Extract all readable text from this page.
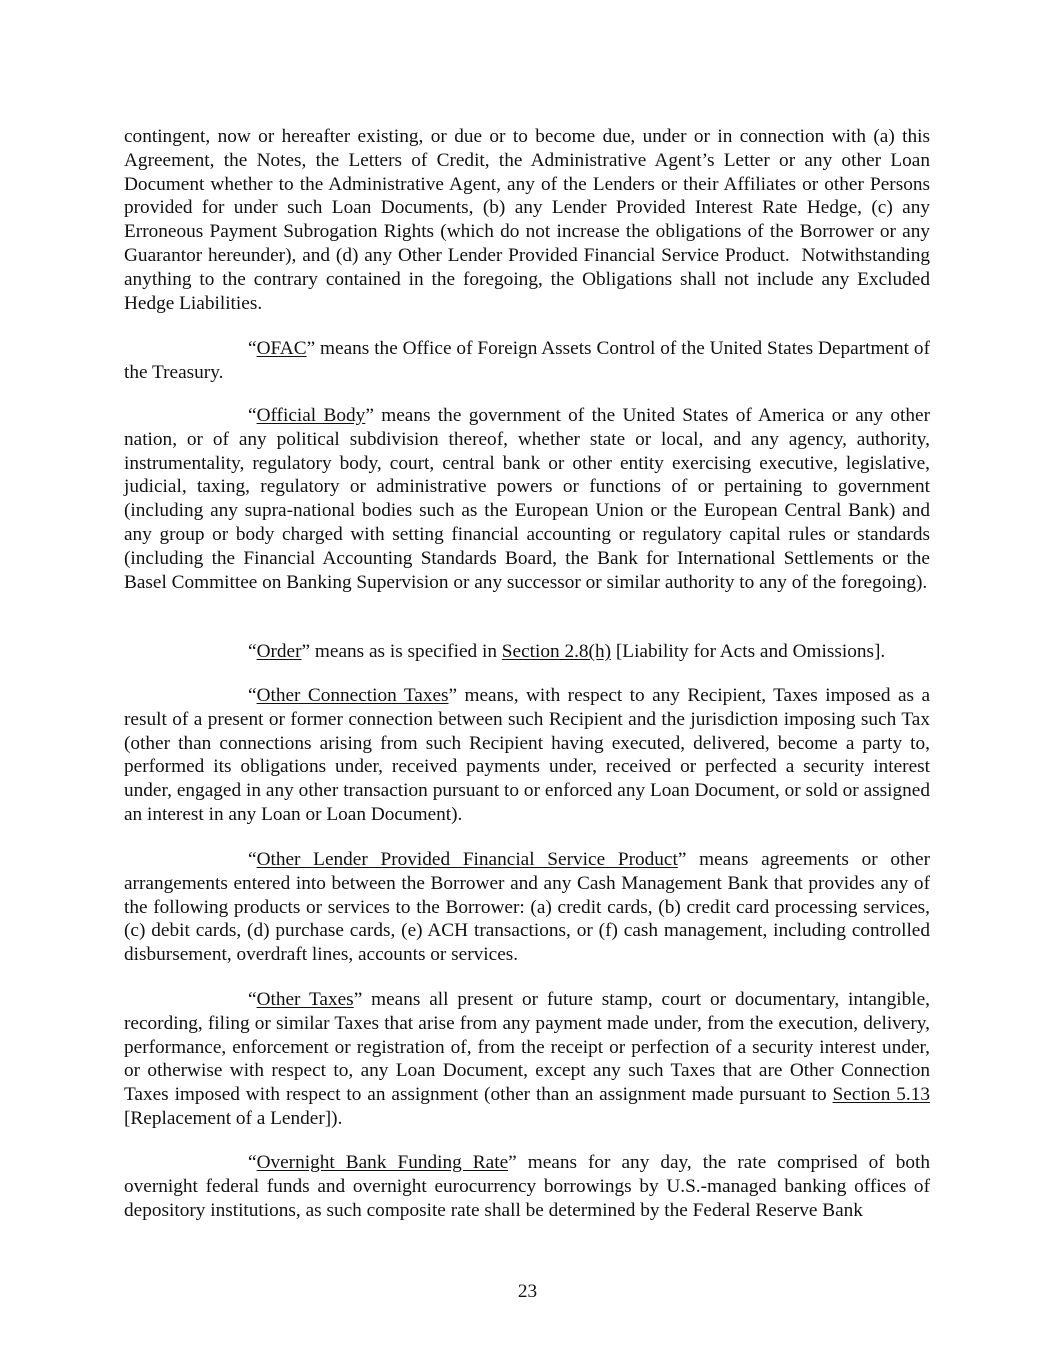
contingent, now or hereafter existing, or due or to become due, under or in connection with (a) this Agreement, the Notes, the Letters of Credit, the Administrative Agent’s Letter or any other Loan Document whether to the Administrative Agent, any of the Lenders or their Affiliates or other Persons provided for under such Loan Documents, (b) any Lender Provided Interest Rate Hedge, (c) any Erroneous Payment Subrogation Rights (which do not increase the obligations of the Borrower or any Guarantor hereunder), and (d) any Other Lender Provided Financial Service Product.  Notwithstanding anything to the contrary contained in the foregoing, the Obligations shall not include any Excluded Hedge Liabilities.

“OFAC” means the Office of Foreign Assets Control of the United States Department of the Treasury.

“Official Body” means the government of the United States of America or any other nation, or of any political subdivision thereof, whether state or local, and any agency, authority, instrumentality, regulatory body, court, central bank or other entity exercising executive, legislative, judicial, taxing, regulatory or administrative powers or functions of or pertaining to government (including any supra-national bodies such as the European Union or the European Central Bank) and any group or body charged with setting financial accounting or regulatory capital rules or standards (including the Financial Accounting Standards Board, the Bank for International Settlements or the Basel Committee on Banking Supervision or any successor or similar authority to any of the foregoing).

“Order” means as is specified in Section 2.8(h) [Liability for Acts and Omissions].

“Other Connection Taxes” means, with respect to any Recipient, Taxes imposed as a result of a present or former connection between such Recipient and the jurisdiction imposing such Tax (other than connections arising from such Recipient having executed, delivered, become a party to, performed its obligations under, received payments under, received or perfected a security interest under, engaged in any other transaction pursuant to or enforced any Loan Document, or sold or assigned an interest in any Loan or Loan Document).

“Other Lender Provided Financial Service Product” means agreements or other arrangements entered into between the Borrower and any Cash Management Bank that provides any of the following products or services to the Borrower: (a) credit cards, (b) credit card processing services, (c) debit cards, (d) purchase cards, (e) ACH transactions, or (f) cash management, including controlled disbursement, overdraft lines, accounts or services.

“Other Taxes” means all present or future stamp, court or documentary, intangible, recording, filing or similar Taxes that arise from any payment made under, from the execution, delivery, performance, enforcement or registration of, from the receipt or perfection of a security interest under, or otherwise with respect to, any Loan Document, except any such Taxes that are Other Connection Taxes imposed with respect to an assignment (other than an assignment made pursuant to Section 5.13 [Replacement of a Lender]).

“Overnight Bank Funding Rate” means for any day, the rate comprised of both overnight federal funds and overnight eurocurrency borrowings by U.S.-managed banking offices of depository institutions, as such composite rate shall be determined by the Federal Reserve Bank

23
